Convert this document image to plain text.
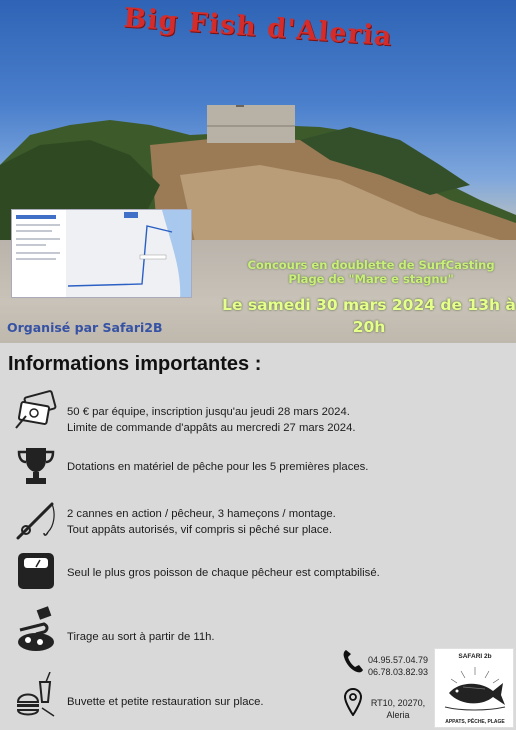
Big Fish d'Aleria
Concours en doublette de SurfCasting
Plage de "Mare e stagnu"
Le samedi 30 mars 2024 de 13h à
20h
Organisé par Safari2B
Informations importantes :
50 € par équipe, inscription jusqu'au jeudi 28 mars 2024.
Limite de commande d'appâts au mercredi 27 mars 2024.
Dotations en matériel de pêche pour les 5 premières places.
2 cannes en action / pêcheur, 3 hameçons / montage.
Tout appâts autorisés, vif compris si pêché sur place.
Seul le plus gros poisson de chaque pêcheur est comptabilisé.
Tirage au sort à partir de 11h.
Buvette et petite restauration sur place.
04.95.57.04.79
06.78.03.82.93
RT10, 20270,
Aleria
SAFARI 2b
APPATS, PÊCHE, PLAGE
